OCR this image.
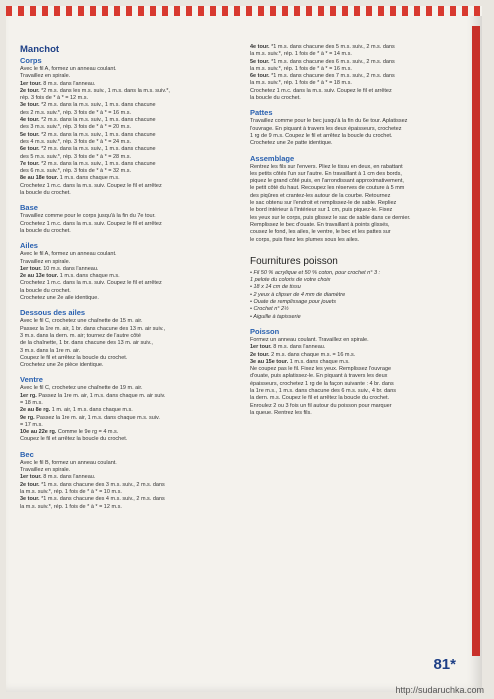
Manchot
Corps
Avec le fil A, formez un anneau coulant.
Travaillez en spirale.
1er tour. 8 m.s. dans l'anneau.
2e tour. *2 m.s. dans les m.s. suiv., 1 m.s. dans la m.s. suiv.*,
rép. 3 fois de * à * = 12 m.s.
3e tour. *2 m.s. dans la m.s. suiv., 1 m.s. dans chacune
des 2 m.s. suiv.*, rép. 3 fois de * à * = 16 m.s.
4e tour. *2 m.s. dans la m.s. suiv., 1 m.s. dans chacune
des 3 m.s. suiv.*, rép. 3 fois de * à * = 20 m.s.
5e tour. *2 m.s. dans la m.s. suiv., 1 m.s. dans chacune
des 4 m.s. suiv.*, rép. 3 fois de * à * = 24 m.s.
6e tour. *2 m.s. dans la m.s. suiv., 1 m.s. dans chacune
des 5 m.s. suiv.*, rép. 3 fois de * à * = 28 m.s.
7e tour. *2 m.s. dans la m.s. suiv., 1 m.s. dans chacune
des 6 m.s. suiv.*, rép. 3 fois de * à * = 32 m.s.
8e au 18e tour. 1 m.s. dans chaque m.s.
Crochetez 1 m.c. dans la m.s. suiv. Coupez le fil et arrêtez
la boucle du crochet.
Base
Travaillez comme pour le corps jusqu'à la fin du 7e tour.
Crochetez 1 m.c. dans la m.s. suiv. Coupez le fil et arrêtez
la boucle du crochet.
Ailes
Avec le fil A, formez un anneau coulant.
Travaillez en spirale.
1er tour. 10 m.s. dans l'anneau.
2e au 13e tour. 1 m.s. dans chaque m.s.
Crochetez 1 m.c. dans la m.s. suiv. Coupez le fil et arrêtez
la boucle du crochet.
Crochetez une 2e aile identique.
Dessous des ailes
Avec le fil C, crochetez une chaînette de 15 m. air.
Passez la 1re m. air, 1 br. dans chacune des 13 m. air suiv.,
3 m.s. dans la dern. m. air; tournez de l'autre côté
de la chaînette, 1 br. dans chacune des 13 m. air suiv.,
3 m.s. dans la 1re m. air.
Coupez le fil et arrêtez la boucle du crochet.
Crochetez une 2e pièce identique.
Ventre
Avec le fil C, crochetez une chaînette de 19 m. air.
1er rg. Passez la 1re m. air, 1 m.s. dans chaque m. air suiv.
= 18 m.s.
2e au 8e rg. 1 m. air, 1 m.s. dans chaque m.s.
9e rg. Passez la 1re m. air, 1 m.s. dans chaque m.s. suiv.
= 17 m.s.
10e au 22e rg. Comme le 9e rg = 4 m.s.
Coupez le fil et arrêtez la boucle du crochet.
Bec
Avec le fil B, formez un anneau coulant.
Travaillez en spirale.
1er tour. 8 m.s. dans l'anneau.
2e tour. *1 m.s. dans chacune des 3 m.s. suiv., 2 m.s. dans
la m.s. suiv.*, rép. 1 fois de * à * = 10 m.s.
3e tour. *1 m.s. dans chacune des 4 m.s. suiv., 2 m.s. dans
la m.s. suiv.*, rép. 1 fois de * à * = 12 m.s.
4e tour. *1 m.s. dans chacune des 5 m.s. suiv., 2 m.s. dans
la m.s. suiv.*, rép. 1 fois de * à * = 14 m.s.
5e tour. *1 m.s. dans chacune des 6 m.s. suiv., 2 m.s. dans
la m.s. suiv.*, rép. 1 fois de * à * = 16 m.s.
6e tour. *1 m.s. dans chacune des 7 m.s. suiv., 2 m.s. dans
la m.s. suiv.*, rép. 1 fois de * à * = 18 m.s.
Crochetez 1 m.c. dans la m.s. suiv. Coupez le fil et arrêtez
la boucle du crochet.
Pattes
Travaillez comme pour le bec jusqu'à la fin du 6e tour. Aplatissez
l'ouvrage. En piquant à travers les deux épaisseurs, crochetez
1 rg de 9 m.s. Coupez le fil et arrêtez la boucle du crochet.
Crochetez une 2e patte identique.
Assemblage
Rentrez les fils sur l'envers. Pliez le tissu en deux, en rabattant
les petits côtés l'un sur l'autre. En travaillant à 1 cm des bords,
piquez le grand côté puis, en l'arrondissant approximativement,
le petit côté du haut. Recoupez les réserves de couture à 5 mm
des piqûres et crantez-les autour de la courbe. Retournez
le sac obtenu sur l'endroit et remplissez-le de sable. Repliez
le bord intérieur à l'intérieur sur 1 cm, puis piquez-le. Fixez
les yeux sur le corps, puis glissez le sac de sable dans ce dernier.
Remplissez le bec d'ouate. En travaillant à points glissés,
cousez le fond, les ailes, le ventre, le bec et les pattes sur
le corps, puis fixez les plumes sous les ailes.
Fournitures poisson
• Fil 50 % acrylique et 50 % coton, pour crochet n° 3 :
1 pelote du coloris de votre choix
• 18 x 14 cm de tissu
• 2 yeux à clipser de 4 mm de diamètre
• Ouate de remplissage pour jouets
• Crochet n° 2½
• Aiguille à tapisserie
Poisson
Formez un anneau coulant. Travaillez en spirale.
1er tour. 8 m.s. dans l'anneau.
2e tour. 2 m.s. dans chaque m.s. = 16 m.s.
3e au 15e tour. 1 m.s. dans chaque m.s.
Ne coupez pas le fil. Fixez les yeux. Remplissez l'ouvrage
d'ouate, puis aplatissez-le. En piquant à travers les deux
épaisseurs, crochetez 1 rg de la façon suivante : 4 br. dans
la 1re m.s., 1 m.s. dans chacune des 6 m.s. suiv., 4 br. dans
la dern. m.s. Coupez le fil et arrêtez la boucle du crochet.
Enroulez 2 ou 3 fois un fil autour du poisson pour marquer
la queue. Rentrez les fils.
81*
http://sudaruchka.com
